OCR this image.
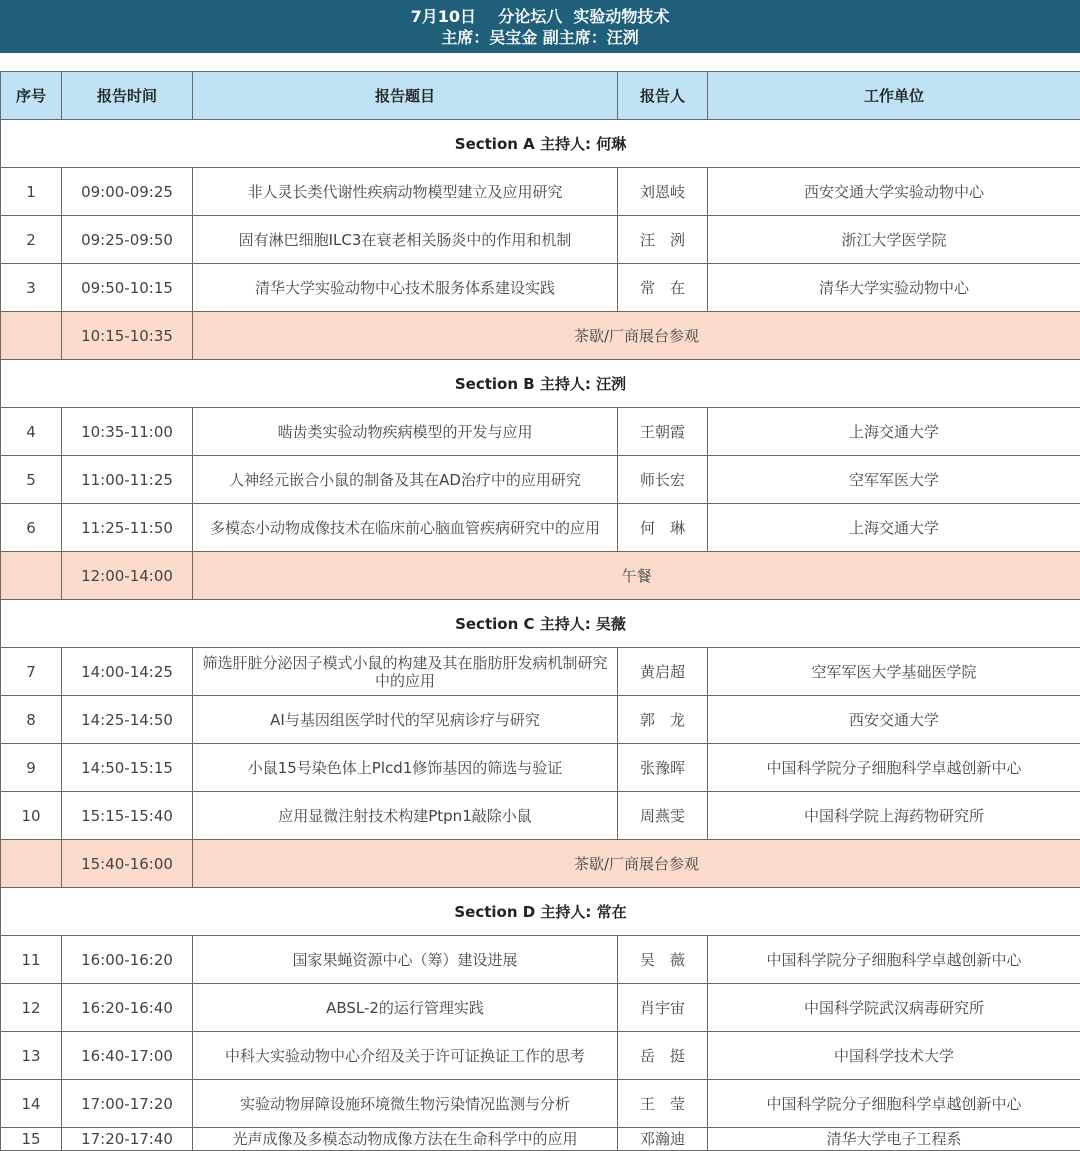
7月10日    分论坛八  实验动物技术
主席：吴宝金 副主席：汪洌
序号	报告时间	报告题目	报告人	工作单位
Section A 主持人: 何琳				
1	09:00-09:25	非人灵长类代谢性疾病动物模型建立及应用研究	刘恩岐	西安交通大学实验动物中心
2	09:25-09:50	固有淋巴细胞ILC3在衰老相关肠炎中的作用和机制	汪　洌	浙江大学医学院
3	09:50-10:15	清华大学实验动物中心技术服务体系建设实践	常　在	清华大学实验动物中心
	10:15-10:35	茶歇/厂商展台参观		
Section B 主持人: 汪洌				
4	10:35-11:00	啮齿类实验动物疾病模型的开发与应用	王朝霞	上海交通大学
5	11:00-11:25	人神经元嵌合小鼠的制备及其在AD治疗中的应用研究	师长宏	空军军医大学
6	11:25-11:50	多模态小动物成像技术在临床前心脑血管疾病研究中的应用	何　琳	上海交通大学
	12:00-14:00	午餐		
Section C 主持人: 吴薇				
7	14:00-14:25	筛选肝脏分泌因子模式小鼠的构建及其在脂肪肝发病机制研究中的应用	黄启超	空军军医大学基础医学院
8	14:25-14:50	AI与基因组医学时代的罕见病诊疗与研究	郭　龙	西安交通大学
9	14:50-15:15	小鼠15号染色体上Plcd1修饰基因的筛选与验证	张豫晖	中国科学院分子细胞科学卓越创新中心
10	15:15-15:40	应用显微注射技术构建Ptpn1敲除小鼠	周燕雯	中国科学院上海药物研究所
	15:40-16:00	茶歇/厂商展台参观		
Section D 主持人: 常在				
11	16:00-16:20	国家果蝇资源中心（筹）建设进展	吴　薇	中国科学院分子细胞科学卓越创新中心
12	16:20-16:40	ABSL-2的运行管理实践	肖宇宙	中国科学院武汉病毒研究所
13	16:40-17:00	中科大实验动物中心介绍及关于许可证换证工作的思考	岳　挺	中国科学技术大学
14	17:00-17:20	实验动物屏障设施环境微生物污染情况监测与分析	王　莹	中国科学院分子细胞科学卓越创新中心
15	17:20-17:40	光声成像及多模态动物成像方法在生命科学中的应用	邓瀚迪	清华大学电子工程系
